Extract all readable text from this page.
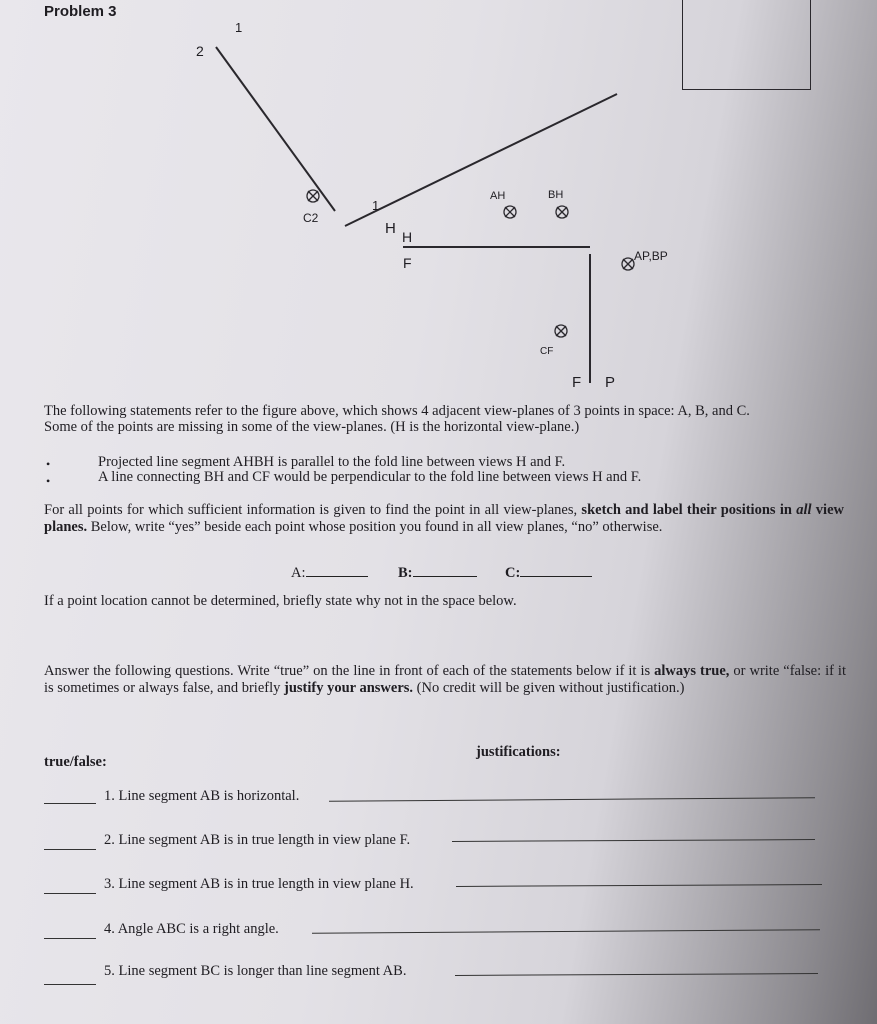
Problem 3
2
1
1
H H
F
F P
C2
AH	BH
AP,BP
CF
The following statements refer to the figure above, which shows 4 adjacent view-planes of 3 points in space: A, B, and C.
Some of the points are missing in some of the view-planes. (H is the horizontal view-plane.)
•	Projected line segment AHBH is parallel to the fold line between views H and F.
•	A line connecting BH and CF would be perpendicular to the fold line between views H and F.
For all points for which sufficient information is given to find the point in all view-planes, sketch and label their positions in all view planes. Below, write “yes” beside each point whose position you found in all view planes, “no” otherwise.
A:	B:	C:
If a point location cannot be determined, briefly state why not in the space below.
Answer the following questions. Write “true” on the line in front of each of the statements below if it is always true, or write “false: if it is sometimes or always false, and briefly justify your answers. (No credit will be given without justification.)
true/false:
justifications:
1. Line segment AB is horizontal.
2. Line segment AB is in true length in view plane F.
3. Line segment AB is in true length in view plane H.
4. Angle ABC is a right angle.
5. Line segment BC is longer than line segment AB.
